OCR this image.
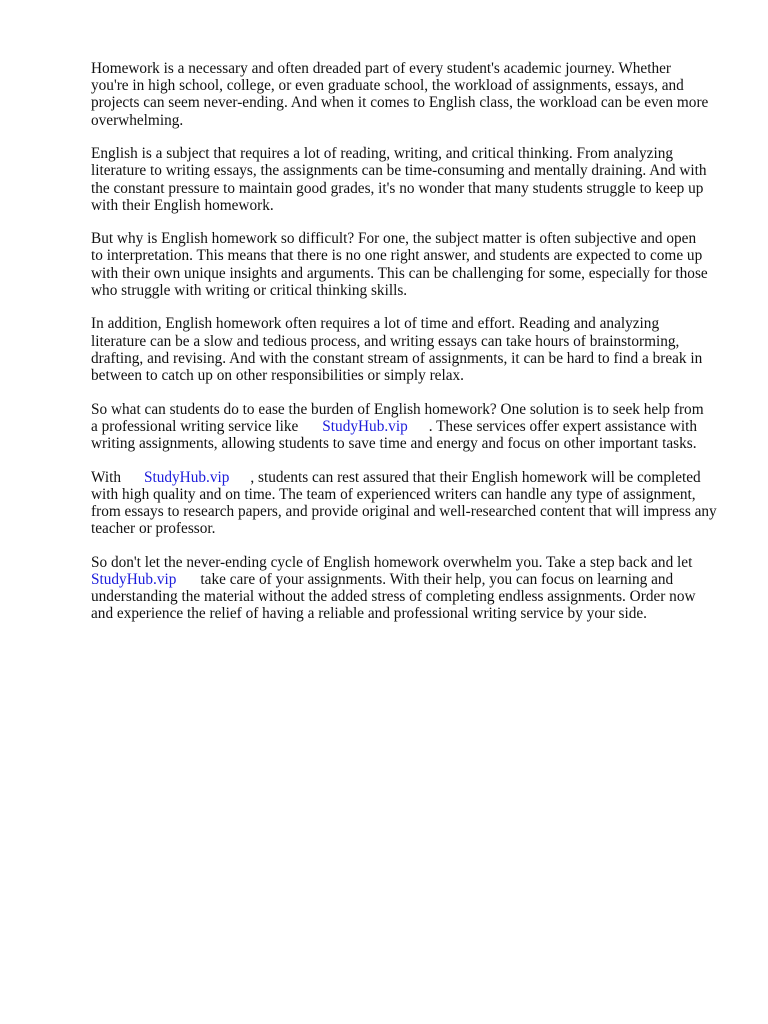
Homework is a necessary and often dreaded part of every student's academic journey. Whether
you're in high school, college, or even graduate school, the workload of assignments, essays, and
projects can seem never-ending. And when it comes to English class, the workload can be even more
overwhelming.

English is a subject that requires a lot of reading, writing, and critical thinking. From analyzing
literature to writing essays, the assignments can be time-consuming and mentally draining. And with
the constant pressure to maintain good grades, it's no wonder that many students struggle to keep up
with their English homework.

But why is English homework so difficult? For one, the subject matter is often subjective and open
to interpretation. This means that there is no one right answer, and students are expected to come up
with their own unique insights and arguments. This can be challenging for some, especially for those
who struggle with writing or critical thinking skills.

In addition, English homework often requires a lot of time and effort. Reading and analyzing
literature can be a slow and tedious process, and writing essays can take hours of brainstorming,
drafting, and revising. And with the constant stream of assignments, it can be hard to find a break in
between to catch up on other responsibilities or simply relax.

So what can students do to ease the burden of English homework? One solution is to seek help from
a professional writing service like StudyHub.vip . These services offer expert assistance with
writing assignments, allowing students to save time and energy and focus on other important tasks.

With StudyHub.vip , students can rest assured that their English homework will be completed
with high quality and on time. The team of experienced writers can handle any type of assignment,
from essays to research papers, and provide original and well-researched content that will impress any
teacher or professor.

So don't let the never-ending cycle of English homework overwhelm you. Take a step back and let
StudyHub.vip take care of your assignments. With their help, you can focus on learning and
understanding the material without the added stress of completing endless assignments. Order now
and experience the relief of having a reliable and professional writing service by your side.
